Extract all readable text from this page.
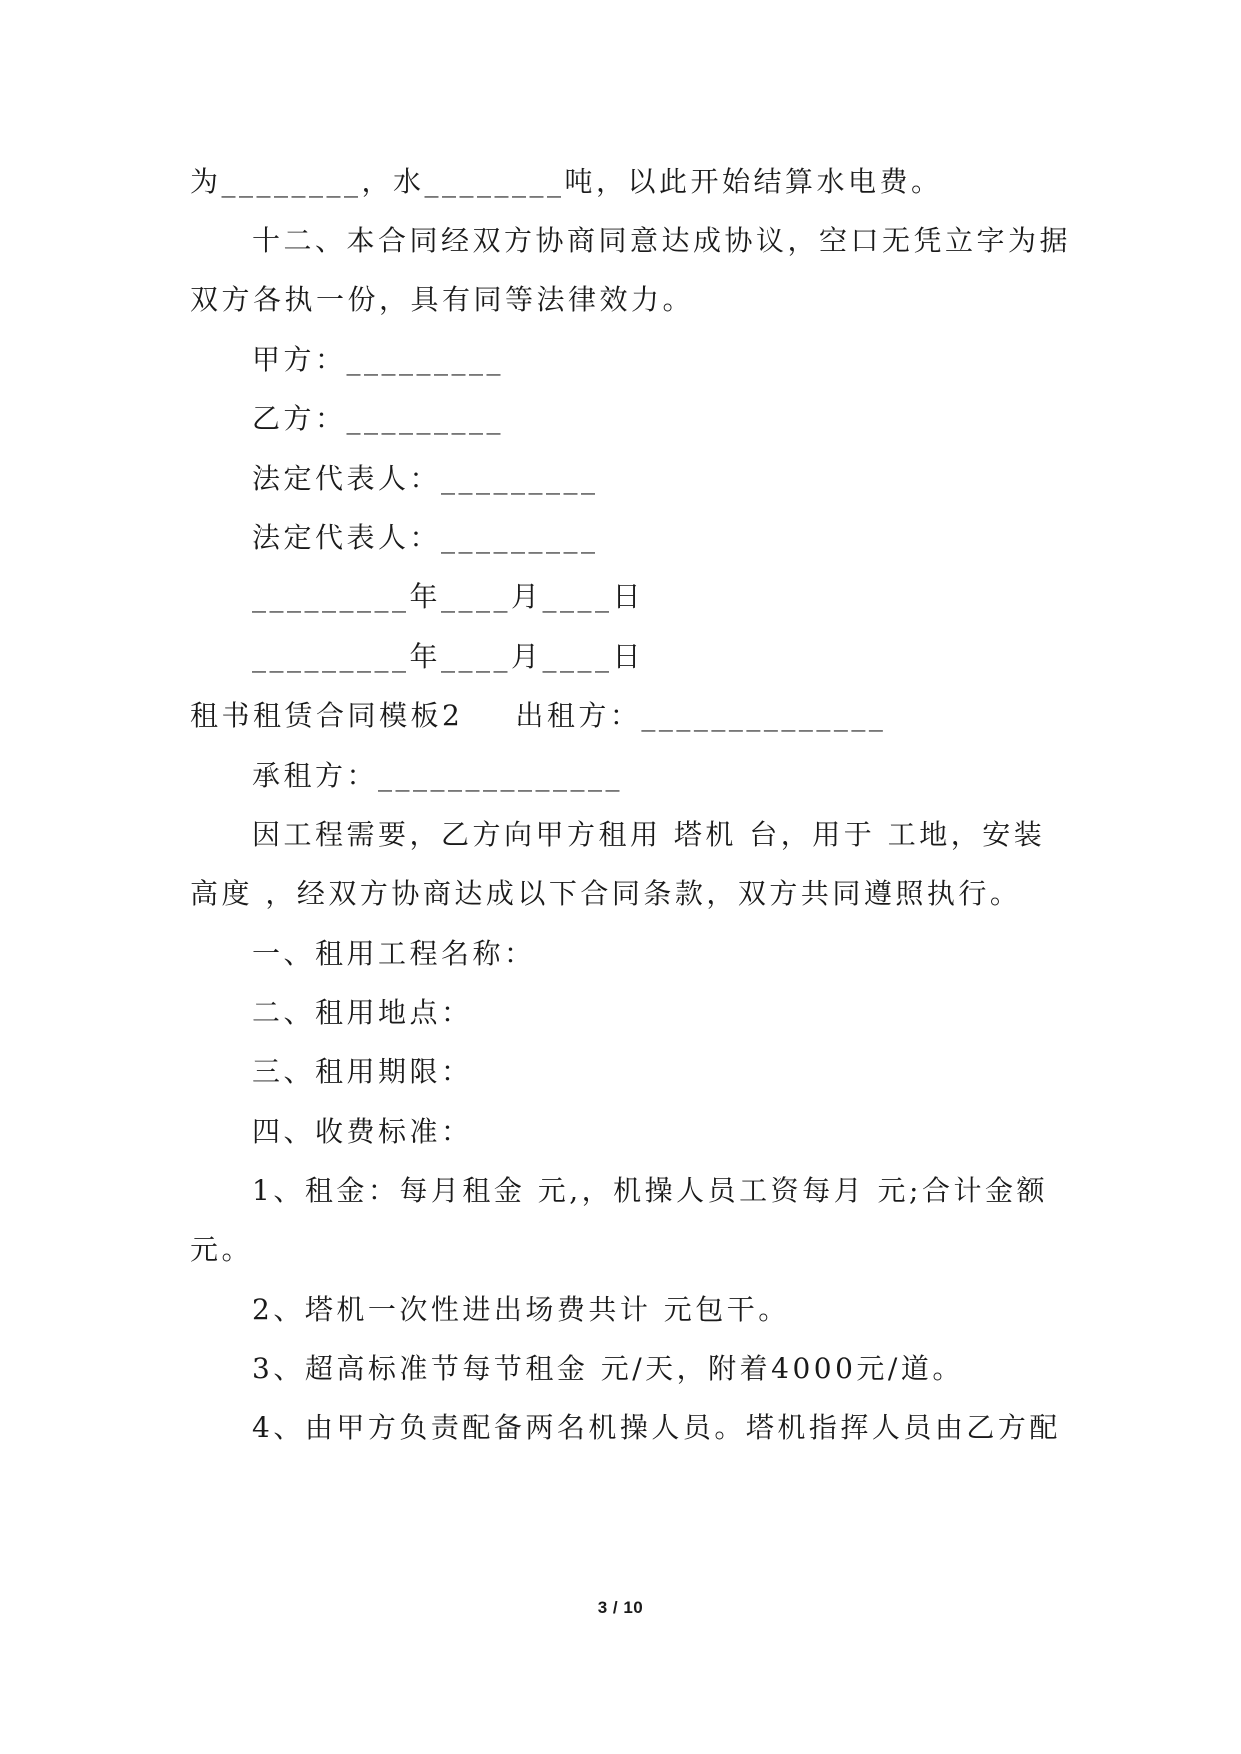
为________，水________吨，以此开始结算水电费。
十二、本合同经双方协商同意达成协议，空口无凭立字为据
双方各执一份，具有同等法律效力。
甲方：_________
乙方：_________
法定代表人：_________
法定代表人：_________
_________年____月____日
_________年____月____日
租书租赁合同模板2 出租方：______________
承租方：______________
因工程需要，乙方向甲方租用 塔机 台，用于 工地，安装
高度 ，经双方协商达成以下合同条款，双方共同遵照执行。
一、租用工程名称：
二、租用地点：
三、租用期限：
四、收费标准：
1、租金：每月租金 元,，机操人员工资每月 元;合计金额
元。
2、塔机一次性进出场费共计 元包干。
3、超高标准节每节租金 元/天，附着4000元/道。
4、由甲方负责配备两名机操人员。塔机指挥人员由乙方配
3 / 10
